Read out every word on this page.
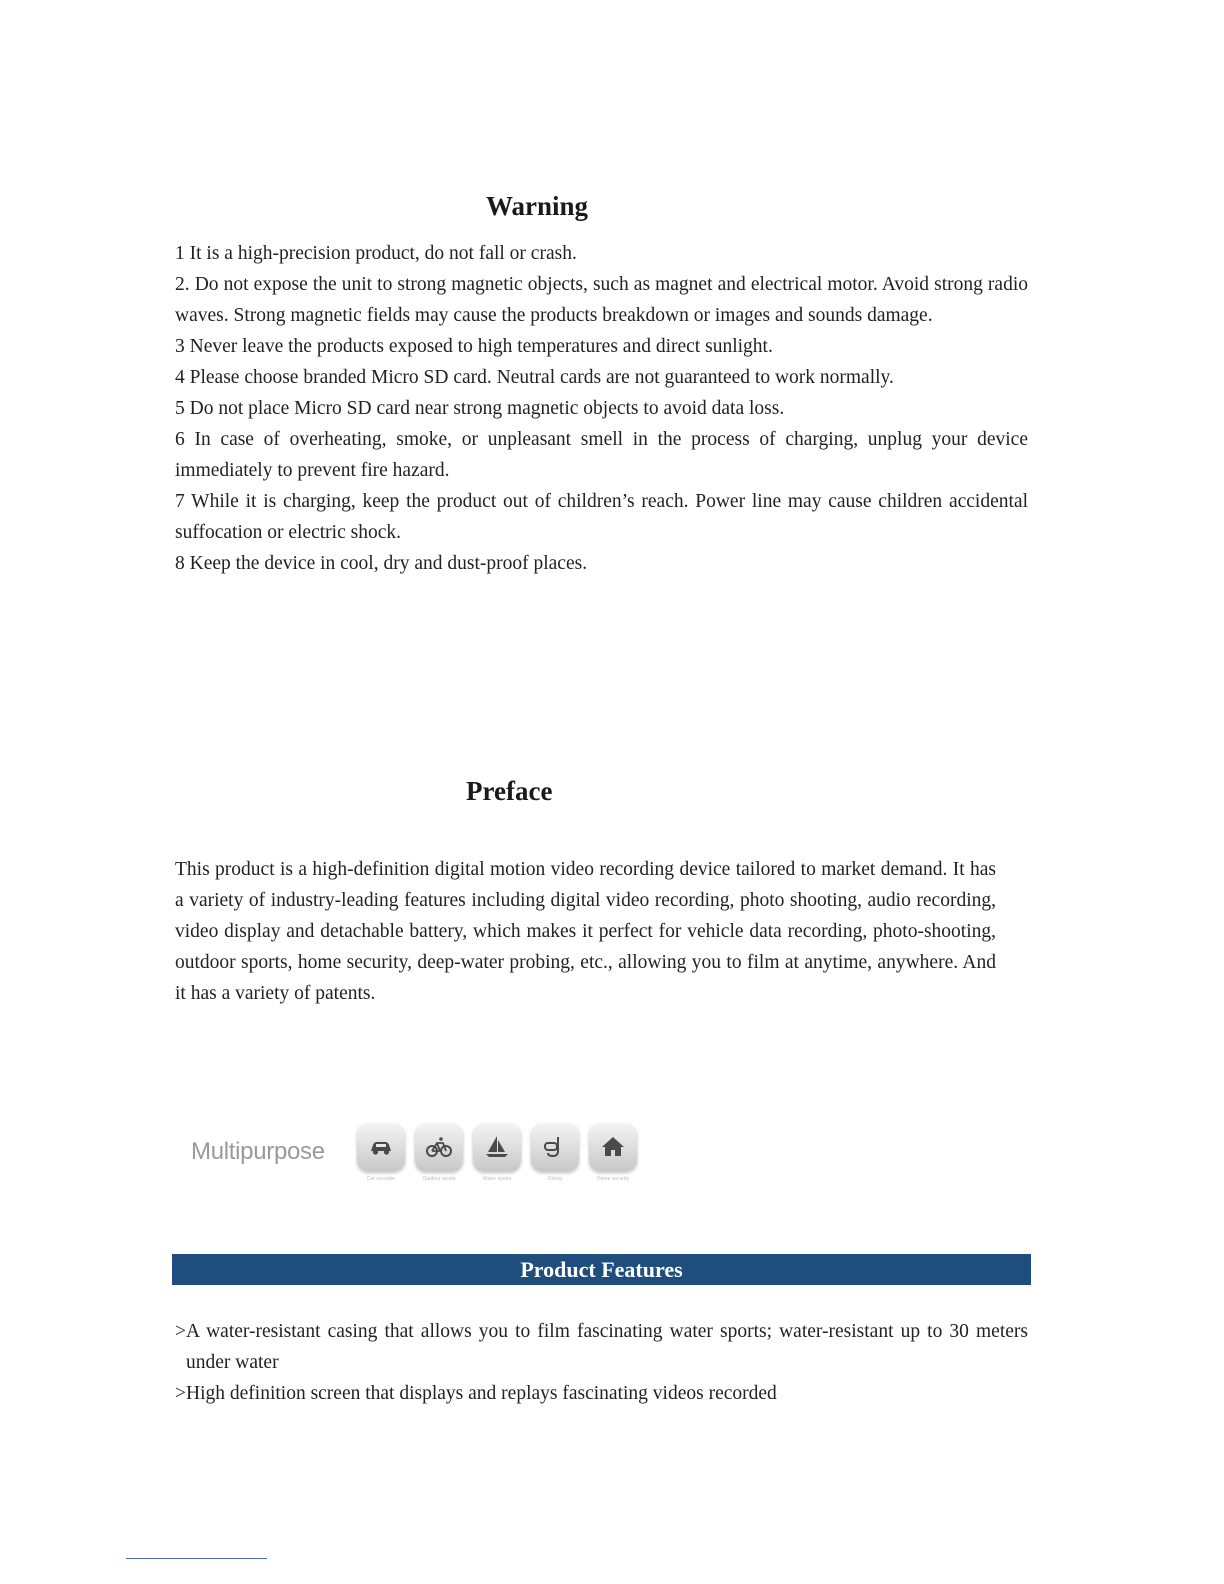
Warning

1 It is a high-precision product, do not fall or crash.

2. Do not expose the unit to strong magnetic objects, such as magnet and electrical motor. Avoid strong radio waves. Strong magnetic fields may cause the products breakdown or images and sounds damage.

3 Never leave the products exposed to high temperatures and direct sunlight.

4 Please choose branded Micro SD card. Neutral cards are not guaranteed to work normally.

5 Do not place Micro SD card near strong magnetic objects to avoid data loss.

6 In case of overheating, smoke, or unpleasant smell in the process of charging, unplug your device immediately to prevent fire hazard.

7 While it is charging, keep the product out of children’s reach. Power line may cause children accidental suffocation or electric shock.

8 Keep the device in cool, dry and dust-proof places.

Preface

This product is a high-definition digital motion video recording device tailored to market demand. It has a variety of industry-leading features including digital video recording, photo shooting, audio recording, video display and detachable battery, which makes it perfect for vehicle data recording, photo-shooting, outdoor sports, home security, deep-water probing, etc., allowing you to film at anytime, anywhere. And it has a variety of patents.

Multipurpose
Car recorder	Outdoor sports	Water sports	Diving	Home security
Product Features

>A water-resistant casing that allows you to film fascinating water sports; water-resistant up to 30 meters under water

>High definition screen that displays and replays fascinating videos recorded
